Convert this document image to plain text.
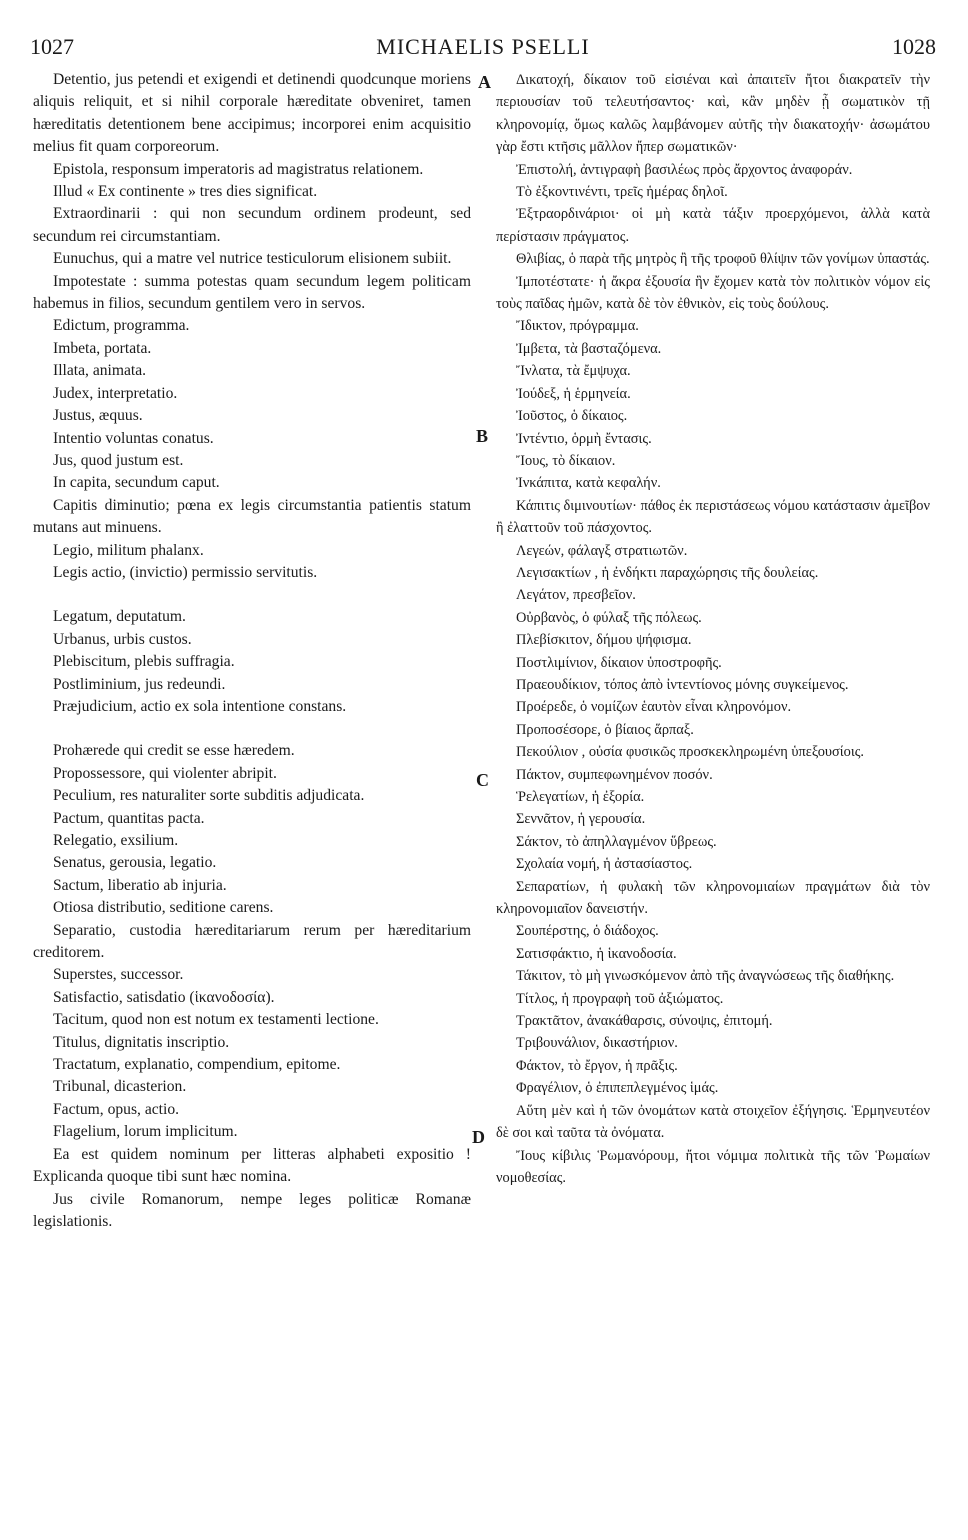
1027	MICHAELIS PSELLI	1028
A
B
C
D

Detentio, jus petendi et exigendi et detinendi quodcunque moriens aliquis reliquit, et si nihil corporale hæreditate obveniret, tamen hæreditatis detentionem bene accipimus; incorporei enim acquisitio melius fit quam corporeorum.

Epistola, responsum imperatoris ad magistratus relationem.

Illud « Ex continente » tres dies significat.

Extraordinarii : qui non secundum ordinem prodeunt, sed secundum rei circumstantiam.

Eunuchus, qui a matre vel nutrice testiculorum elisionem subiit.

Impotestate : summa potestas quam secundum legem politicam habemus in filios, secundum gentilem vero in servos.

Edictum, programma.

Imbeta, portata.

Illata, animata.

Judex, interpretatio.

Justus, æquus.

Intentio voluntas conatus.

Jus, quod justum est.

In capita, secundum caput.

Capitis diminutio; pœna ex legis circumstantia patientis statum mutans aut minuens.

Legio, militum phalanx.

Legis actio, (invictio) permissio servitutis.

Legatum, deputatum.

Urbanus, urbis custos.

Plebiscitum, plebis suffragia.

Postliminium, jus redeundi.

Præjudicium, actio ex sola intentione constans.

Prohærede qui credit se esse hæredem.

Propossessore, qui violenter abripit.

Peculium, res naturaliter sorte subditis adjudicata.

Pactum, quantitas pacta.

Relegatio, exsilium.

Senatus, gerousia, legatio.

Sactum, liberatio ab injuria.

Otiosa distributio, seditione carens.

Separatio, custodia hæreditariarum rerum per hæreditarium creditorem.

Superstes, successor.

Satisfactio, satisdatio (ἱκανοδοσία).

Tacitum, quod non est notum ex testamenti lectione.

Titulus, dignitatis inscriptio.

Tractatum, explanatio, compendium, epitome.

Tribunal, dicasterion.

Factum, opus, actio.

Flagelium, lorum implicitum.

Ea est quidem nominum per litteras alphabeti expositio ! Explicanda quoque tibi sunt hæc nomina.

Jus civile Romanorum, nempe leges politicæ Romanæ legislationis.

Δικατοχή, δίκαιον τοῦ εἰσιέναι καὶ ἀπαιτεῖν ἤτοι διακρατεῖν τὴν περιουσίαν τοῦ τελευτήσαντος· καὶ, κἂν μηδὲν ᾖ σωματικὸν τῇ κληρονομίᾳ, ὅμως καλῶς λαμβάνομεν αὐτῆς τὴν διακατοχήν· ἀσωμάτου γὰρ ἔστι κτῆσις μᾶλλον ἤπερ σωματικῶν·

Ἐπιστολή, ἀντιγραφὴ βασιλέως πρὸς ἄρχοντος ἀναφοράν.

Τὸ ἐξκοντινέντι, τρεῖς ἡμέρας δηλοῖ.

Ἐξτραορδινάριοι· οἱ μὴ κατὰ τάξιν προερχόμενοι, ἀλλὰ κατὰ περίστασιν πράγματος.

Θλιβίας, ὁ παρὰ τῆς μητρὸς ἢ τῆς τροφοῦ θλίψιν τῶν γονίμων ὑπαστάς.

Ἰμποτέστατε· ἡ ἄκρα ἐξουσία ἣν ἔχομεν κατὰ τὸν πολιτικὸν νόμον εἰς τοὺς παῖδας ἡμῶν, κατὰ δὲ τὸν ἐθνικὸν, εἰς τοὺς δούλους.

Ἴδικτον, πρόγραμμα.

Ἰμβετα, τὰ βασταζόμενα.

Ἴνλατα, τὰ ἔμψυχα.

Ἰούδεξ, ἡ ἑρμηνεία.

Ἰοῦστος, ὁ δίκαιος.

Ἰντέντιο, ὁρμὴ ἔντασις.

Ἴους, τὸ δίκαιον.

Ἰνκάπιτα, κατὰ κεφαλήν.

Κάπιτις διμινουτίων· πάθος ἐκ περιστάσεως νόμου κατάστασιν ἀμεῖβον ἢ ἐλαττοῦν τοῦ πάσχοντος.

Λεγεών, φάλαγξ στρατιωτῶν.

Λεγισακτίων , ἡ ἐνδήκτι παραχώρησις τῆς δουλείας.

Λεγάτον, πρεσβεῖον.

Οὐρβανὸς, ὁ φύλαξ τῆς πόλεως.

Πλεβίσκιτον, δήμου ψήφισμα.

Ποστλιμίνιον, δίκαιον ὑποστροφῆς.

Πραεουδίκιον, τόπος ἀπὸ ἰντεντίονος μόνης συγκείμενος.

Προέρεδε, ὁ νομίζων ἑαυτὸν εἶναι κληρονόμον.

Προποσέσορε, ὁ βίαιος ἅρπαξ.

Πεκούλιον , οὐσία φυσικῶς προσκεκληρωμένη ὑπεξουσίοις.

Πάκτον, συμπεφωνημένον ποσόν.

Ῥελεγατίων, ἡ ἐξορία.

Σεννᾶτον, ἡ γερουσία.

Σάκτον, τὸ ἀπηλλαγμένον ὕβρεως.

Σχολαία νομή, ἡ ἀστασίαστος.

Σεπαρατίων, ἡ φυλακὴ τῶν κληρονομιαίων πραγμάτων διὰ τὸν κληρονομιαῖον δανειστήν.

Σουπέρστης, ὁ διάδοχος.

Σατισφάκτιο, ἡ ἱκανοδοσία.

Τάκιτον, τὸ μὴ γινωσκόμενον ἀπὸ τῆς ἀναγνώσεως τῆς διαθήκης.

Τίτλος, ἡ προγραφὴ τοῦ ἀξιώματος.

Τρακτᾶτον, ἀνακάθαρσις, σύνοψις, ἐπιτομή.

Τριβουνάλιον, δικαστήριον.

Φάκτον, τὸ ἔργον, ἡ πρᾶξις.

Φραγέλιον, ὁ ἐπιπεπλεγμένος ἱμάς.

Αὕτη μὲν καὶ ἡ τῶν ὀνομάτων κατὰ στοιχεῖον ἐξήγησις. Ἑρμηνευτέον δὲ σοι καὶ ταῦτα τὰ ὀνόματα.

Ἴους κίβιλις Ῥωμανόρουμ, ἤτοι νόμιμα πολιτικὰ τῆς τῶν Ῥωμαίων νομοθεσίας.
